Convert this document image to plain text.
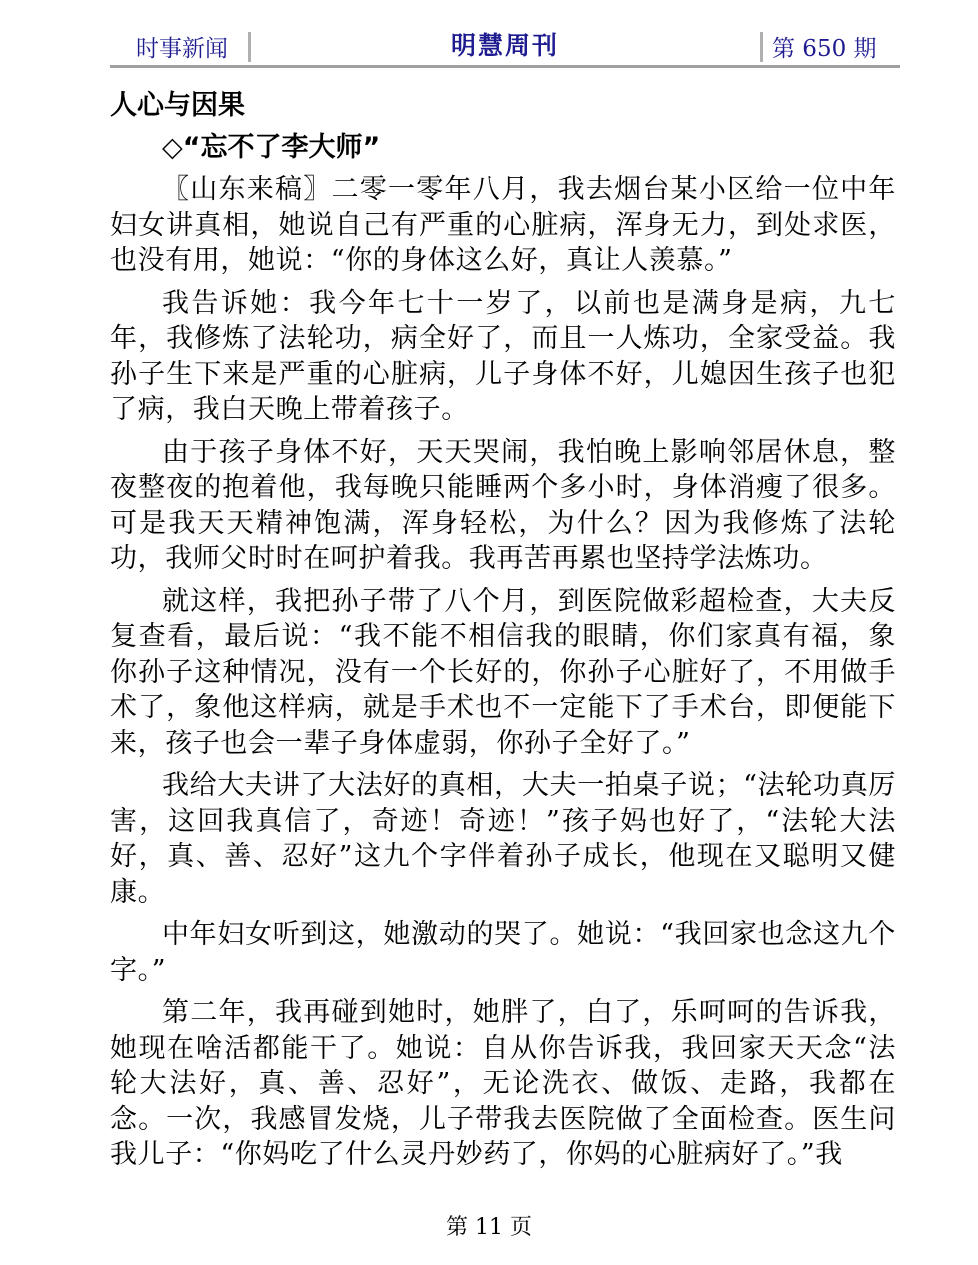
时事新闻	明慧周刊	第 650 期
人心与因果
◇“忘不了李大师”

〖山东来稿〗二零一零年八月，我去烟台某小区给一位中年妇女讲真相，她说自己有严重的心脏病，浑身无力，到处求医，也没有用，她说：“你的身体这么好，真让人羡慕。”

我告诉她：我今年七十一岁了，以前也是满身是病，九七年，我修炼了法轮功，病全好了，而且一人炼功，全家受益。我孙子生下来是严重的心脏病，儿子身体不好，儿媳因生孩子也犯了病，我白天晚上带着孩子。

由于孩子身体不好，天天哭闹，我怕晚上影响邻居休息，整夜整夜的抱着他，我每晚只能睡两个多小时，身体消瘦了很多。可是我天天精神饱满，浑身轻松，为什么？因为我修炼了法轮功，我师父时时在呵护着我。我再苦再累也坚持学法炼功。

就这样，我把孙子带了八个月，到医院做彩超检查，大夫反复查看，最后说：“我不能不相信我的眼睛，你们家真有福，象你孙子这种情况，没有一个长好的，你孙子心脏好了，不用做手术了，象他这样病，就是手术也不一定能下了手术台，即便能下来，孩子也会一辈子身体虚弱，你孙子全好了。”

我给大夫讲了大法好的真相，大夫一拍桌子说；“法轮功真厉害，这回我真信了，奇迹！奇迹！”孩子妈也好了，“法轮大法好，真、善、忍好”这九个字伴着孙子成长，他现在又聪明又健康。

中年妇女听到这，她激动的哭了。她说：“我回家也念这九个字。”

第二年，我再碰到她时，她胖了，白了，乐呵呵的告诉我，她现在啥活都能干了。她说：自从你告诉我，我回家天天念“法轮大法好，真、善、忍好”，无论洗衣、做饭、走路，我都在念。一次，我感冒发烧，儿子带我去医院做了全面检查。医生问我儿子：“你妈吃了什么灵丹妙药了，你妈的心脏病好了。”我

第 11 页
